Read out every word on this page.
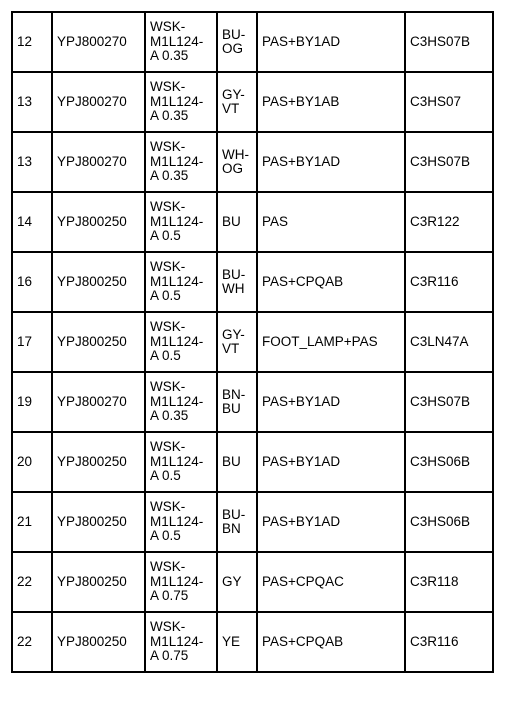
12	YPJ800270	WSK-
M1L124-
A 0.35	BU-
OG	PAS+BY1AD	C3HS07B
13	YPJ800270	WSK-
M1L124-
A 0.35	GY-
VT	PAS+BY1AB	C3HS07
13	YPJ800270	WSK-
M1L124-
A 0.35	WH-
OG	PAS+BY1AD	C3HS07B
14	YPJ800250	WSK-
M1L124-
A 0.5	BU	PAS	C3R122
16	YPJ800250	WSK-
M1L124-
A 0.5	BU-
WH	PAS+CPQAB	C3R116
17	YPJ800250	WSK-
M1L124-
A 0.5	GY-
VT	FOOT_LAMP+PAS	C3LN47A
19	YPJ800270	WSK-
M1L124-
A 0.35	BN-
BU	PAS+BY1AD	C3HS07B
20	YPJ800250	WSK-
M1L124-
A 0.5	BU	PAS+BY1AD	C3HS06B
21	YPJ800250	WSK-
M1L124-
A 0.5	BU-
BN	PAS+BY1AD	C3HS06B
22	YPJ800250	WSK-
M1L124-
A 0.75	GY	PAS+CPQAC	C3R118
22	YPJ800250	WSK-
M1L124-
A 0.75	YE	PAS+CPQAB	C3R116
